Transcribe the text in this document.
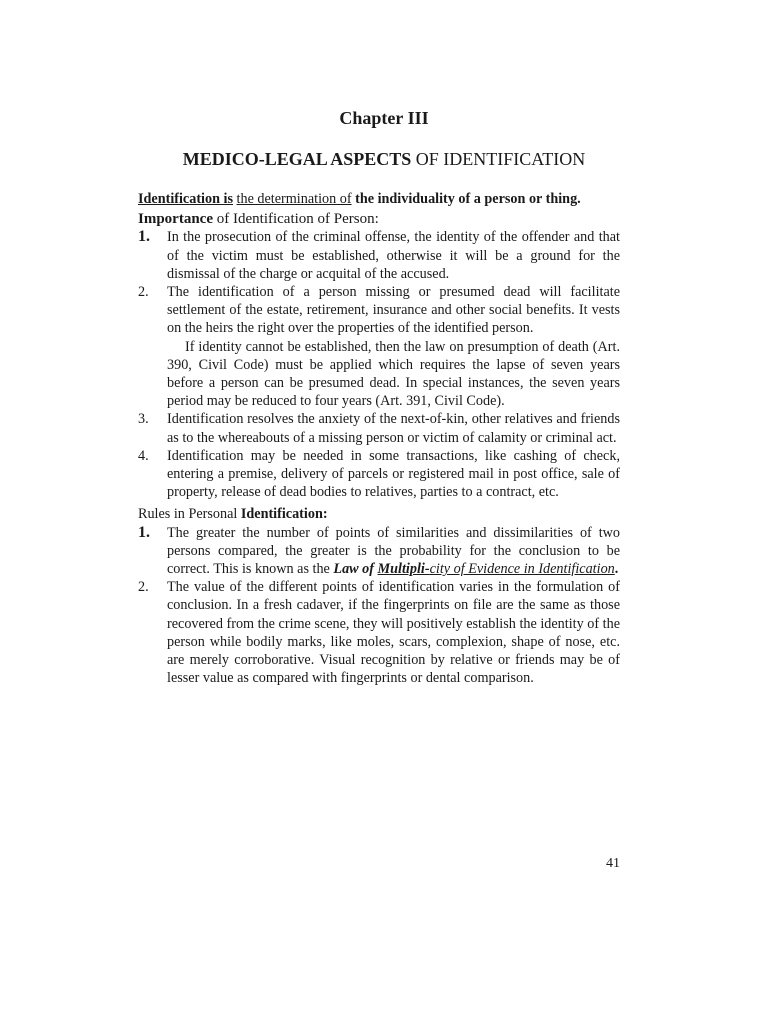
Chapter III
MEDICO-LEGAL ASPECTS OF IDENTIFICATION

Identification is the determination of the individuality of a person or thing.

Importance of Identification of Person:

1. In the prosecution of the criminal offense, the identity of the offender and that of the victim must be established, otherwise it will be a ground for the dismissal of the charge or acquital of the accused.
2. The identification of a person missing or presumed dead will facilitate settlement of the estate, retirement, insurance and other social benefits. It vests on the heirs the right over the properties of the identified person.
If identity cannot be established, then the law on presumption of death (Art. 390, Civil Code) must be applied which requires the lapse of seven years before a person can be presumed dead. In special instances, the seven years period may be reduced to four years (Art. 391, Civil Code).
3. Identification resolves the anxiety of the next-of-kin, other relatives and friends as to the whereabouts of a missing person or victim of calamity or criminal act.
4. Identification may be needed in some transactions, like cashing of check, entering a premise, delivery of parcels or registered mail in post office, sale of property, release of dead bodies to relatives, parties to a contract, etc.

Rules in Personal Identification:

1. The greater the number of points of similarities and dissimilarities of two persons compared, the greater is the probability for the conclusion to be correct. This is known as the Law of Multipli-city of Evidence in Identification.
2. The value of the different points of identification varies in the formulation of conclusion. In a fresh cadaver, if the fingerprints on file are the same as those recovered from the crime scene, they will positively establish the identity of the person while bodily marks, like moles, scars, complexion, shape of nose, etc. are merely corroborative. Visual recognition by relative or friends may be of lesser value as compared with fingerprints or dental comparison.
41
